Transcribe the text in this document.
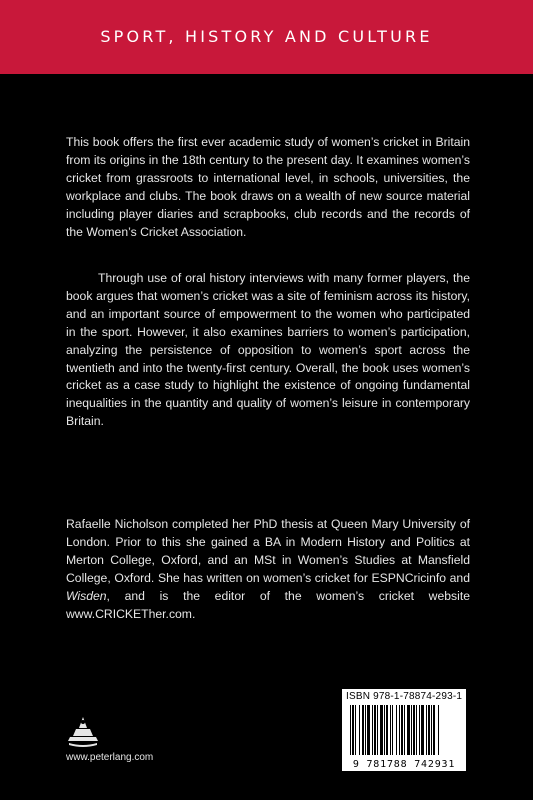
SPORT, HISTORY AND CULTURE

This book offers the first ever academic study of women’s cricket in Britain from its origins in the 18th century to the present day. It examines women’s cricket from grassroots to international level, in schools, universities, the workplace and clubs. The book draws on a wealth of new source material including player diaries and scrapbooks, club records and the records of the Women’s Cricket Association.

Through use of oral history interviews with many former players, the book argues that women’s cricket was a site of feminism across its history, and an important source of empowerment to the women who participated in the sport. However, it also examines barriers to women’s participation, analyzing the persistence of opposition to women’s sport across the twentieth and into the twenty-first century. Overall, the book uses women’s cricket as a case study to highlight the existence of ongoing fundamental inequalities in the quantity and quality of women’s leisure in contemporary Britain.

Rafaelle Nicholson completed her PhD thesis at Queen Mary University of London. Prior to this she gained a BA in Modern History and Politics at Merton College, Oxford, and an MSt in Women’s Studies at Mansfield College, Oxford. She has written on women’s cricket for ESPNCricinfo and Wisden, and is the editor of the women’s cricket website www.CRICKETher.com.

www.peterlang.com
ISBN 978-1-78874-293-1
9 781788 742931
